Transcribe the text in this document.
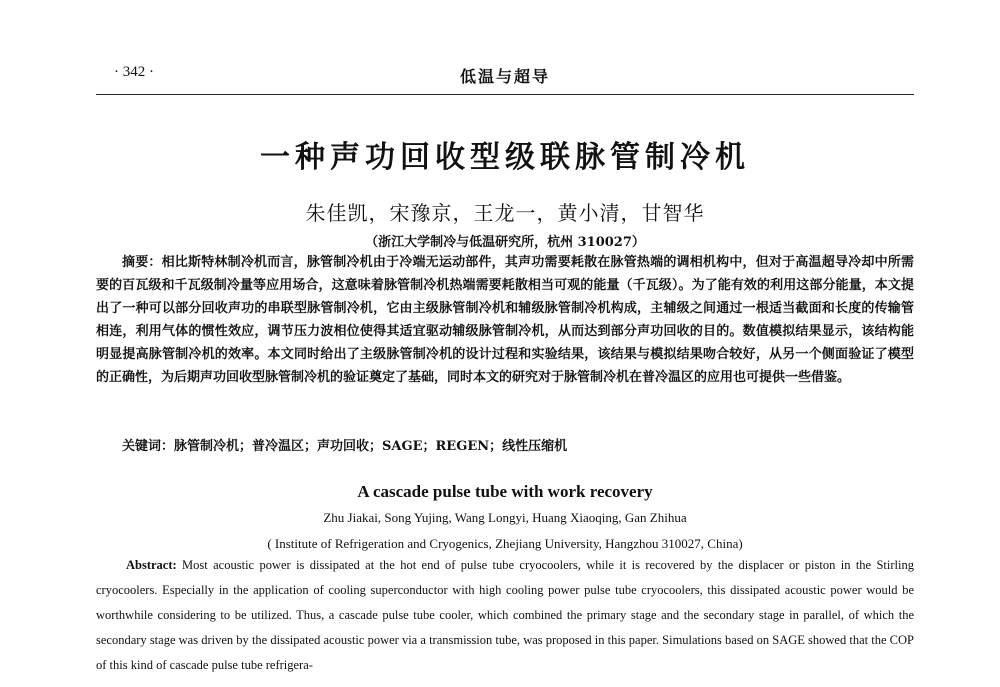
· 342 ·	低温与超导
一种声功回收型级联脉管制冷机
朱佳凯，宋豫京，王龙一，黄小清，甘智华
（浙江大学制冷与低温研究所，杭州 310027）

摘要：相比斯特林制冷机而言，脉管制冷机由于冷端无运动部件，其声功需要耗散在脉管热端的调相机构中，但对于高温超导冷却中所需要的百瓦级和千瓦级制冷量等应用场合，这意味着脉管制冷机热端需要耗散相当可观的能量（千瓦级）。为了能有效的利用这部分能量，本文提出了一种可以部分回收声功的串联型脉管制冷机，它由主级脉管制冷机和辅级脉管制冷机构成，主辅级之间通过一根适当截面和长度的传输管相连，利用气体的惯性效应，调节压力波相位使得其适宜驱动辅级脉管制冷机，从而达到部分声功回收的目的。数值模拟结果显示，该结构能明显提高脉管制冷机的效率。本文同时给出了主级脉管制冷机的设计过程和实验结果，该结果与模拟结果吻合较好，从另一个侧面验证了模型的正确性，为后期声功回收型脉管制冷机的验证奠定了基础，同时本文的研究对于脉管制冷机在普冷温区的应用也可提供一些借鉴。

关键词：脉管制冷机；普冷温区；声功回收；SAGE；REGEN；线性压缩机

A cascade pulse tube with work recovery
Zhu Jiakai, Song Yujing, Wang Longyi, Huang Xiaoqing, Gan Zhihua
( Institute of Refrigeration and Cryogenics, Zhejiang University, Hangzhou 310027, China)

Abstract: Most acoustic power is dissipated at the hot end of pulse tube cryocoolers, while it is recovered by the displacer or piston in the Stirling cryocoolers. Especially in the application of cooling superconductor with high cooling power pulse tube cryocoolers, this dissipated acoustic power would be worthwhile considering to be utilized. Thus, a cascade pulse tube cooler, which combined the primary stage and the secondary stage in parallel, of which the secondary stage was driven by the dissipated acoustic power via a transmission tube, was proposed in this paper. Simulations based on SAGE showed that the COP of this kind of cascade pulse tube refrigera-
